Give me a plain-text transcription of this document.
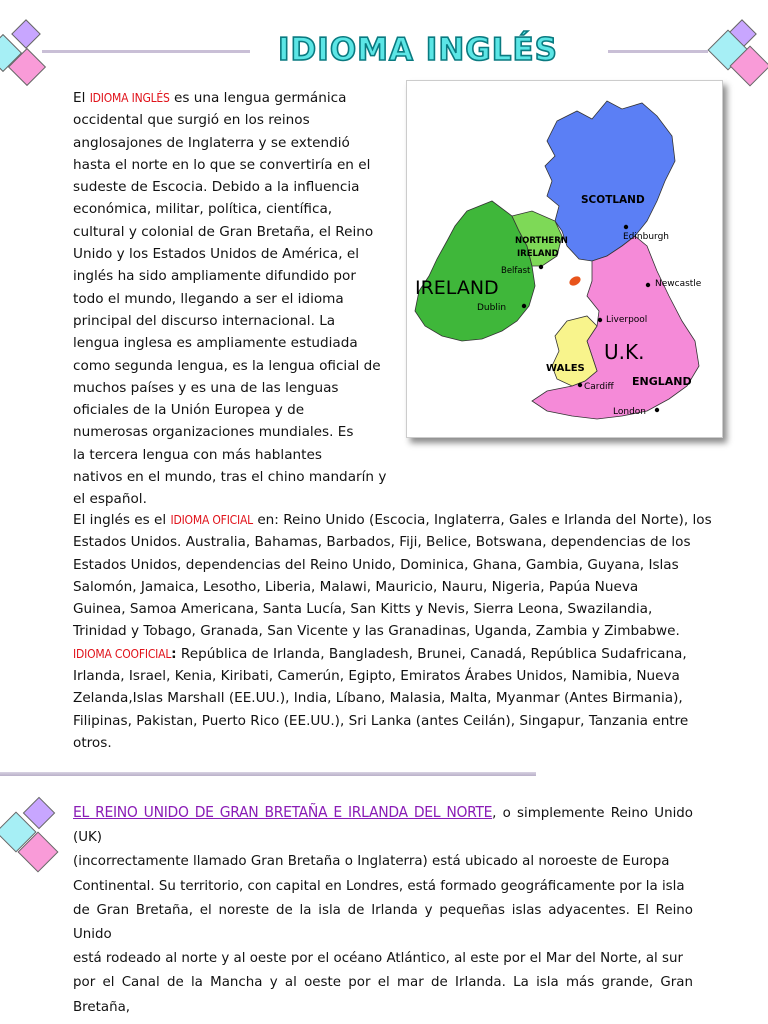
IDIOMA INGLÉS
El IDIOMA INGLÉS es una lengua germánica
occidental que surgió en los reinos
anglosajones de Inglaterra y se extendió
hasta el norte en lo que se convertiría en el
sudeste de Escocia. Debido a la influencia
económica, militar, política, científica,
cultural y colonial de Gran Bretaña, el Reino
Unido y los Estados Unidos de América, el
inglés ha sido ampliamente difundido por
todo el mundo, llegando a ser el idioma
principal del discurso internacional. La
lengua inglesa es ampliamente estudiada
como segunda lengua, es la lengua oficial de
muchos países y es una de las lenguas
oficiales de la Unión Europea y de
numerosas organizaciones mundiales. Es
la tercera lengua con más hablantes
nativos en el mundo, tras el chino mandarín y
el español.
SCOTLAND
Edinburgh
NORTHERN
IRELAND
Belfast
IRELAND
Dublin
Newcastle
Liverpool
U.K.
WALES
Cardiff ENGLAND
London
El inglés es el IDIOMA OFICIAL en: Reino Unido (Escocia, Inglaterra, Gales e Irlanda del Norte), los
Estados Unidos. Australia, Bahamas, Barbados, Fiji, Belice, Botswana, dependencias de los
Estados Unidos, dependencias del Reino Unido, Dominica, Ghana, Gambia, Guyana, Islas
Salomón, Jamaica, Lesotho, Liberia, Malawi, Mauricio, Nauru, Nigeria, Papúa Nueva
Guinea, Samoa Americana, Santa Lucía, San Kitts y Nevis, Sierra Leona, Swazilandia,
Trinidad y Tobago, Granada, San Vicente y las Granadinas, Uganda, Zambia y Zimbabwe.
IDIOMA COOFICIAL: República de Irlanda, Bangladesh, Brunei, Canadá, República Sudafricana,
Irlanda, Israel, Kenia, Kiribati, Camerún, Egipto, Emiratos Árabes Unidos, Namibia, Nueva
Zelanda,Islas Marshall (EE.UU.), India, Líbano, Malasia, Malta, Myanmar (Antes Birmania),
Filipinas, Pakistan, Puerto Rico (EE.UU.), Sri Lanka (antes Ceilán), Singapur, Tanzania entre
otros.
EL REINO UNIDO DE GRAN BRETAÑA E IRLANDA DEL NORTE, o simplemente Reino Unido (UK)
(incorrectamente llamado Gran Bretaña o Inglaterra) está ubicado al noroeste de Europa
Continental. Su territorio, con capital en Londres, está formado geográficamente por la isla
de Gran Bretaña, el noreste de la isla de Irlanda y pequeñas islas adyacentes. El Reino Unido
está rodeado al norte y al oeste por el océano Atlántico, al este por el Mar del Norte, al sur
por el Canal de la Mancha y al oeste por el mar de Irlanda. La isla más grande, Gran Bretaña,
